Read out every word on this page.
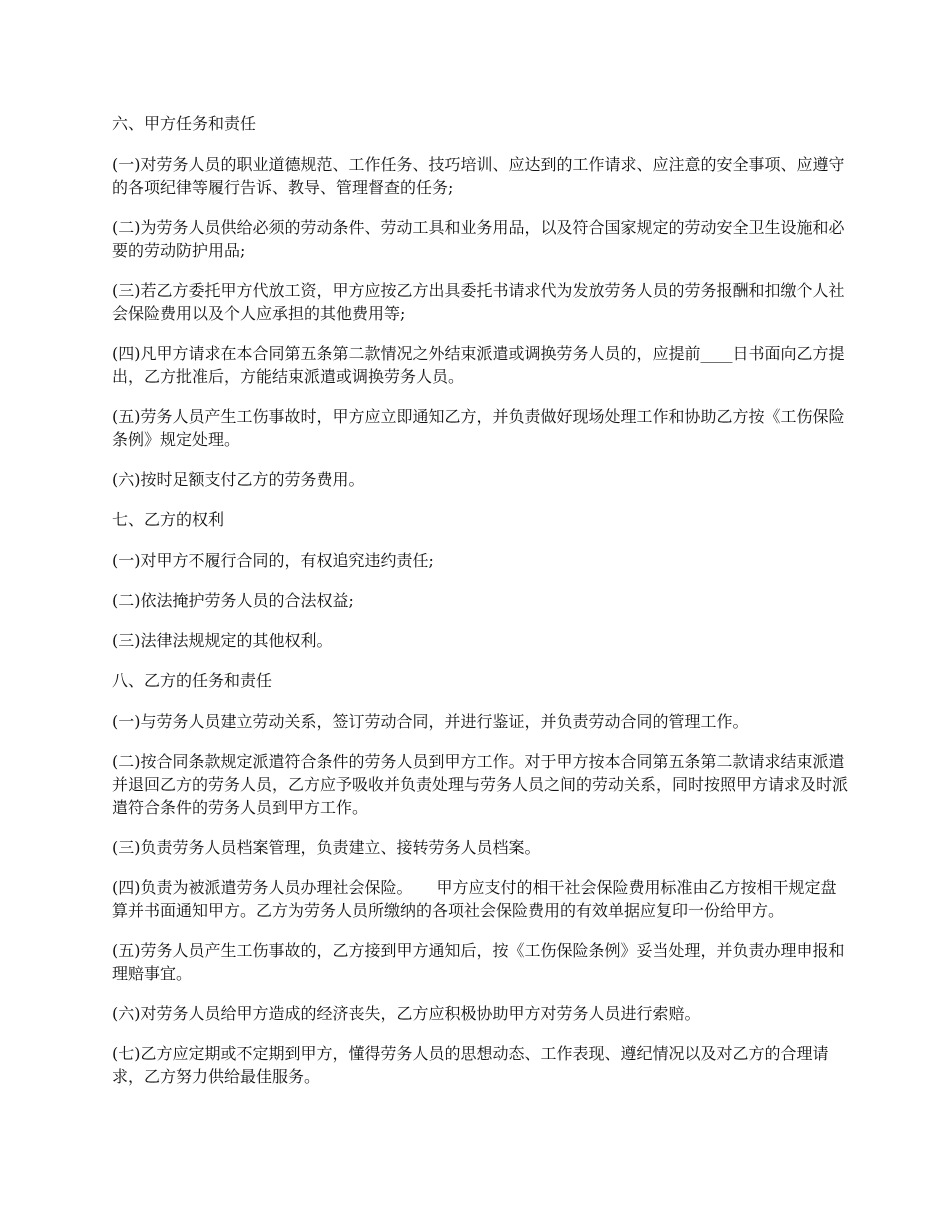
六、甲方任务和责任

(一)对劳务人员的职业道德规范、工作任务、技巧培训、应达到的工作请求、应注意的安全事项、应遵守的各项纪律等履行告诉、教导、管理督查的任务;

(二)为劳务人员供给必须的劳动条件、劳动工具和业务用品，以及符合国家规定的劳动安全卫生设施和必要的劳动防护用品;

(三)若乙方委托甲方代放工资，甲方应按乙方出具委托书请求代为发放劳务人员的劳务报酬和扣缴个人社会保险费用以及个人应承担的其他费用等;

(四)凡甲方请求在本合同第五条第二款情况之外结束派遣或调换劳务人员的，应提前____日书面向乙方提出，乙方批准后，方能结束派遣或调换劳务人员。

(五)劳务人员产生工伤事故时，甲方应立即通知乙方，并负责做好现场处理工作和协助乙方按《工伤保险条例》规定处理。

(六)按时足额支付乙方的劳务费用。

七、乙方的权利

(一)对甲方不履行合同的，有权追究违约责任;

(二)依法掩护劳务人员的合法权益;

(三)法律法规规定的其他权利。

八、乙方的任务和责任

(一)与劳务人员建立劳动关系，签订劳动合同，并进行鉴证，并负责劳动合同的管理工作。

(二)按合同条款规定派遣符合条件的劳务人员到甲方工作。对于甲方按本合同第五条第二款请求结束派遣并退回乙方的劳务人员，乙方应予吸收并负责处理与劳务人员之间的劳动关系，同时按照甲方请求及时派遣符合条件的劳务人员到甲方工作。

(三)负责劳务人员档案管理，负责建立、接转劳务人员档案。

(四)负责为被派遣劳务人员办理社会保险。　　甲方应支付的相干社会保险费用标准由乙方按相干规定盘算并书面通知甲方。乙方为劳务人员所缴纳的各项社会保险费用的有效单据应复印一份给甲方。

(五)劳务人员产生工伤事故的，乙方接到甲方通知后，按《工伤保险条例》妥当处理，并负责办理申报和理赔事宜。

(六)对劳务人员给甲方造成的经济丧失，乙方应积极协助甲方对劳务人员进行索赔。

(七)乙方应定期或不定期到甲方，懂得劳务人员的思想动态、工作表现、遵纪情况以及对乙方的合理请求，乙方努力供给最佳服务。
